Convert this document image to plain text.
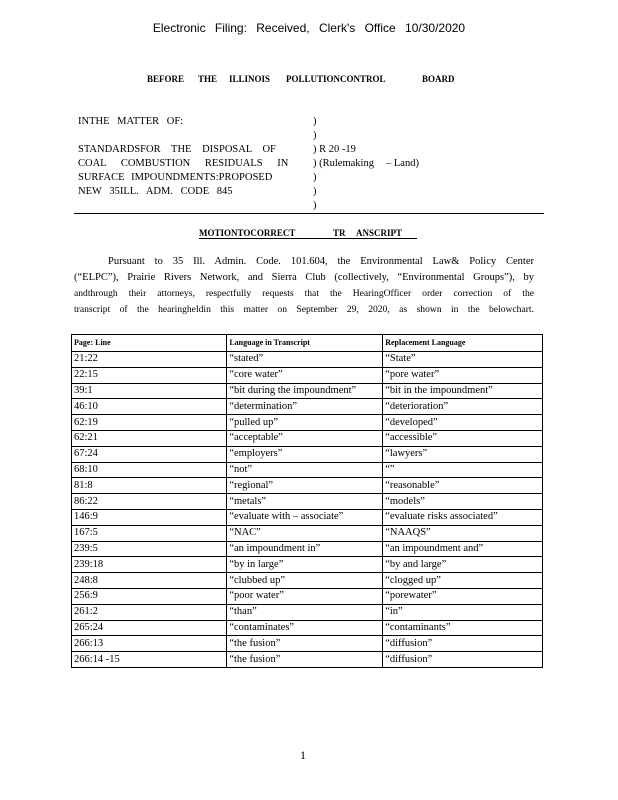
Electronic Filing: Received, Clerk's Office 10/30/2020
BEFORE THE ILLINOIS POLLUTIONCONTROL	BOARD
INTHE MATTER OF:
STANDARDSFOR THE DISPOSAL OF
COAL COMBUSTION RESIDUALS IN
SURFACE IMPOUNDMENTS:PROPOSED
NEW 35ILL. ADM. CODE 845
)
)
) R 20 -19
) (Rulemaking – Land)
)
)
)
MOTIONTOCORRECT	TR ANSCRIPT
Pursuant to 35 Ill. Admin. Code. 101.604, the Environmental Law& Policy Center
(“ELPC”), Prairie Rivers Network, and Sierra Club (collectively, “Environmental Groups”), by
andthrough their attorneys, respectfully requests that the HearingOfficer order correction of the
transcript of the hearingheldin this matter on September 29, 2020, as shown in the belowchart.
Page: Line	Language in Transcript	Replacement Language
21:22	“stated”	“State”
22:15	“core water”	“pore water”
39:1	“bit during the impoundment”	“bit in the impoundment”
46:10	“determination”	“deterioration”
62:19	“pulled up”	“developed”
62:21	“acceptable”	“accessible”
67:24	“employers”	“lawyers”
68:10	“not”	“”
81:8	“regional”	“reasonable”
86:22	“metals”	“models”
146:9	“evaluate with – associate”	“evaluate risks associated”
167:5	“NAC”	“NAAQS”
239:5	“an impoundment in”	“an impoundment and”
239:18	“by in large”	“by and large”
248:8	“clubbed up”	“clogged up”
256:9	“poor water”	“porewater”
261:2	“than”	“in”
265:24	“contaminates”	“contaminants”
266:13	“the fusion”	“diffusion”
266:14 -15	“the fusion”	“diffusion”
1
